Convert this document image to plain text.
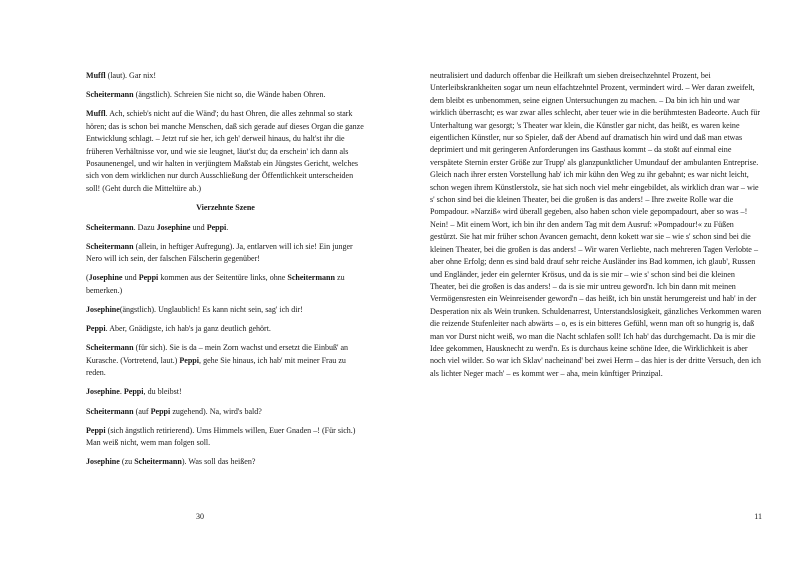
Muffl (laut). Gar nix!

Scheitermann (ängstlich). Schreien Sie nicht so, die Wände haben Ohren.

Muffl. Ach, schieb's nicht auf die Wänd'; du hast Ohren, die alles zehnmal so stark hören; das is schon bei manche Menschen, daß sich gerade auf dieses Organ die ganze Entwicklung schlagt. – Jetzt ruf sie her, ich geh' derweil hinaus, du halt'st ihr die früheren Verhältnisse vor, und wie sie leugnet, läut'st du; da erschein' ich dann als Posaunenengel, und wir halten in verjüngtem Maßstab ein Jüngstes Gericht, welches sich von dem wirklichen nur durch Ausschließung der Öffentlichkeit unterscheiden soll! (Geht durch die Mitteltüre ab.)

Vierzehnte Szene

Scheitermann. Dazu Josephine und Peppi.

Scheitermann (allein, in heftiger Aufregung). Ja, entlarven will ich sie! Ein junger Nero will ich sein, der falschen Fälscherin gegenüber!

(Josephine und Peppi kommen aus der Seitentüre links, ohne Scheitermann zu bemerken.)

Josephine(ängstlich). Unglaublich! Es kann nicht sein, sag' ich dir!

Peppi. Aber, Gnädigste, ich hab's ja ganz deutlich gehört.

Scheitermann (für sich). Sie is da – mein Zorn wachst und ersetzt die Einbuß' an Kurasche. (Vortretend, laut.) Peppi, gehe Sie hinaus, ich hab' mit meiner Frau zu reden.

Josephine. Peppi, du bleibst!

Scheitermann (auf Peppi zugehend). Na, wird's bald?

Peppi (sich ängstlich retirierend). Ums Himmels willen, Euer Gnaden –! (Für sich.) Man weiß nicht, wem man folgen soll.

Josephine (zu Scheitermann). Was soll das heißen?

30

neutralisiert und dadurch offenbar die Heilkraft um sieben dreisechzehntel Prozent, bei Unterleibskrankheiten sogar um neun elfachtzehntel Prozent, vermindert wird. – Wer daran zweifelt, dem bleibt es unbenommen, seine eignen Untersuchungen zu machen. – Da bin ich hin und war wirklich überrascht; es war zwar alles schlecht, aber teuer wie in die berühmtesten Badeorte. Auch für Unterhaltung war gesorgt; 's Theater war klein, die Künstler gar nicht, das heißt, es waren keine eigentlichen Künstler, nur so Spieler, daß der Abend auf dramatisch hin wird und daß man etwas deprimiert und mit geringeren Anforderungen ins Gasthaus kommt – da stoßt auf einmal eine verspätete Sternin erster Größe zur Trupp' als glanzpunktlicher Umundauf der ambulanten Entreprise. Gleich nach ihrer ersten Vorstellung hab' ich mir kühn den Weg zu ihr gebahnt; es war nicht leicht, schon wegen ihrem Künstlerstolz, sie hat sich noch viel mehr eingebildet, als wirklich dran war – wie s' schon sind bei die kleinen Theater, bei die großen is das anders! – Ihre zweite Rolle war die Pompadour. »Narziß« wird überall gegeben, also haben schon viele gepompadourt, aber so was –! Nein! – Mit einem Wort, ich bin ihr den andern Tag mit dem Ausruf: »Pompadour!« zu Füßen gestürzt. Sie hat mir früher schon Avancen gemacht, denn kokett war sie – wie s' schon sind bei die kleinen Theater, bei die großen is das anders! – Wir waren Verliebte, nach mehreren Tagen Verlobte – aber ohne Erfolg; denn es sind bald drauf sehr reiche Ausländer ins Bad kommen, ich glaub', Russen und Engländer, jeder ein gelernter Krösus, und da is sie mir – wie s' schon sind bei die kleinen Theater, bei die großen is das anders! – da is sie mir untreu geword'n. Ich bin dann mit meinen Vermögensresten ein Weinreisender geword'n – das heißt, ich bin unstät herumgereist und hab' in der Desperation nix als Wein trunken. Schuldenarrest, Unterstandslosigkeit, gänzliches Verkommen waren die reizende Stufenleiter nach abwärts – o, es is ein bitteres Gefühl, wenn man oft so hungrig is, daß man vor Durst nicht weiß, wo man die Nacht schlafen soll! Ich hab' das durchgemacht. Da is mir die Idee gekommen, Hausknecht zu werd'n. Es is durchaus keine schöne Idee, die Wirklichkeit is aber noch viel wilder. So war ich Sklav' nacheinand' bei zwei Herrn – das hier is der dritte Versuch, den ich als lichter Neger mach' – es kommt wer – aha, mein künftiger Prinzipal.

11
